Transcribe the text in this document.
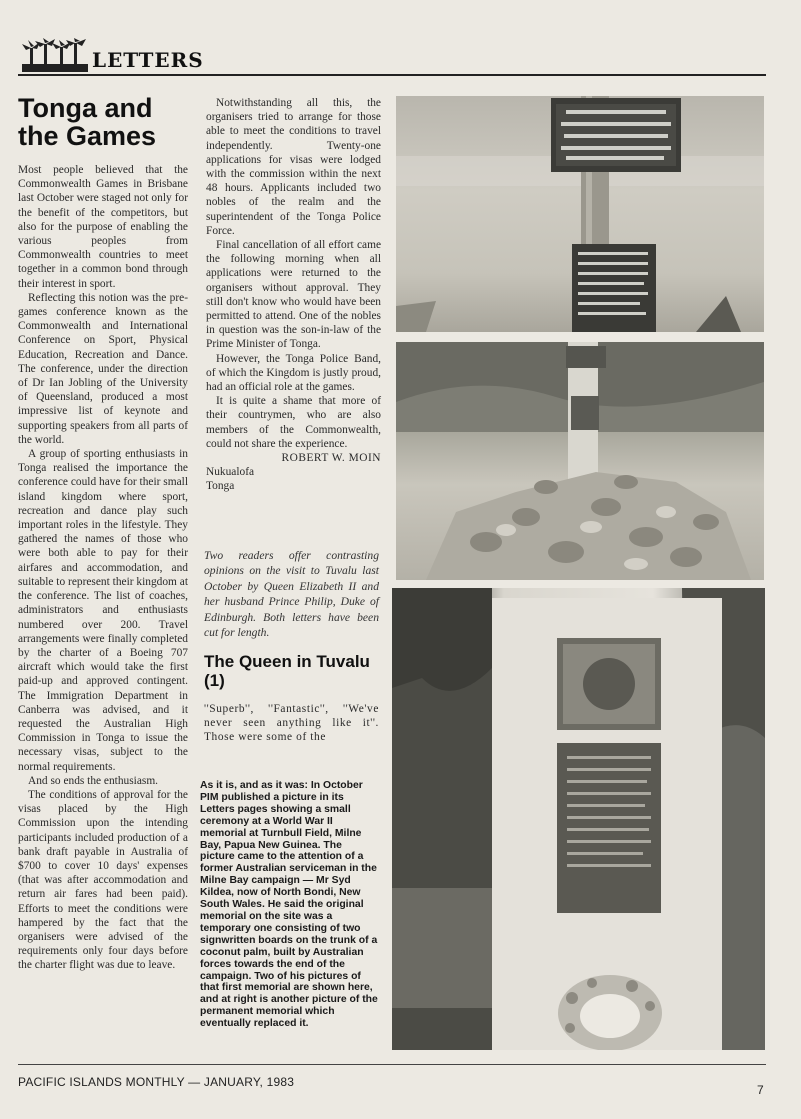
LETTERS
Tonga and the Games

Most people believed that the Commonwealth Games in Brisbane last October were staged not only for the benefit of the competitors, but also for the purpose of enabling the various peoples from Commonwealth countries to meet together in a common bond through their interest in sport.

Reflecting this notion was the pre-games conference known as the Commonwealth and International Conference on Sport, Physical Education, Recreation and Dance. The conference, under the direction of Dr Ian Jobling of the University of Queensland, produced a most impressive list of keynote and supporting speakers from all parts of the world.

A group of sporting enthusiasts in Tonga realised the importance the conference could have for their small island kingdom where sport, recreation and dance play such important roles in the lifestyle. They gathered the names of those who were both able to pay for their airfares and accommodation, and suitable to represent their kingdom at the conference. The list of coaches, administrators and enthusiasts numbered over 200. Travel arrangements were finally completed by the charter of a Boeing 707 aircraft which would take the first paid-up and approved contingent. The Immigration Department in Canberra was advised, and it requested the Australian High Commission in Tonga to issue the necessary visas, subject to the normal requirements.

And so ends the enthusiasm.

The conditions of approval for the visas placed by the High Commission upon the intending participants included production of a bank draft payable in Australia of $700 to cover 10 days' expenses (that was after accommodation and return air fares had been paid). Efforts to meet the conditions were hampered by the fact that the organisers were advised of the requirements only four days before the charter flight was due to leave.

Notwithstanding all this, the organisers tried to arrange for those able to meet the conditions to travel independently. Twenty-one applications for visas were lodged with the commission within the next 48 hours. Applicants included two nobles of the realm and the superintendent of the Tonga Police Force.

Final cancellation of all effort came the following morning when all applications were returned to the organisers without approval. They still don't know who would have been permitted to attend. One of the nobles in question was the son-in-law of the Prime Minister of Tonga.

However, the Tonga Police Band, of which the Kingdom is justly proud, had an official role at the games.

It is quite a shame that more of their countrymen, who are also members of the Commonwealth, could not share the experience.

ROBERT W. MOIN
Nukualofa
Tonga
Two readers offer contrasting opinions on the visit to Tuvalu last October by Queen Elizabeth II and her husband Prince Philip, Duke of Edinburgh. Both letters have been cut for length.
The Queen in Tuvalu (1)

''Superb'', ''Fantastic'', ''We've never seen anything like it''. Those were some of the

As it is, and as it was: In October PIM published a picture in its Letters pages showing a small ceremony at a World War II memorial at Turnbull Field, Milne Bay, Papua New Guinea. The picture came to the attention of a former Australian serviceman in the Milne Bay campaign — Mr Syd Kildea, now of North Bondi, New South Wales. He said the original memorial on the site was a temporary one consisting of two signwritten boards on the trunk of a coconut palm, built by Australian forces towards the end of the campaign. Two of his pictures of that first memorial are shown here, and at right is another picture of the permanent memorial which eventually replaced it.
PACIFIC ISLANDS MONTHLY — JANUARY, 1983
7
